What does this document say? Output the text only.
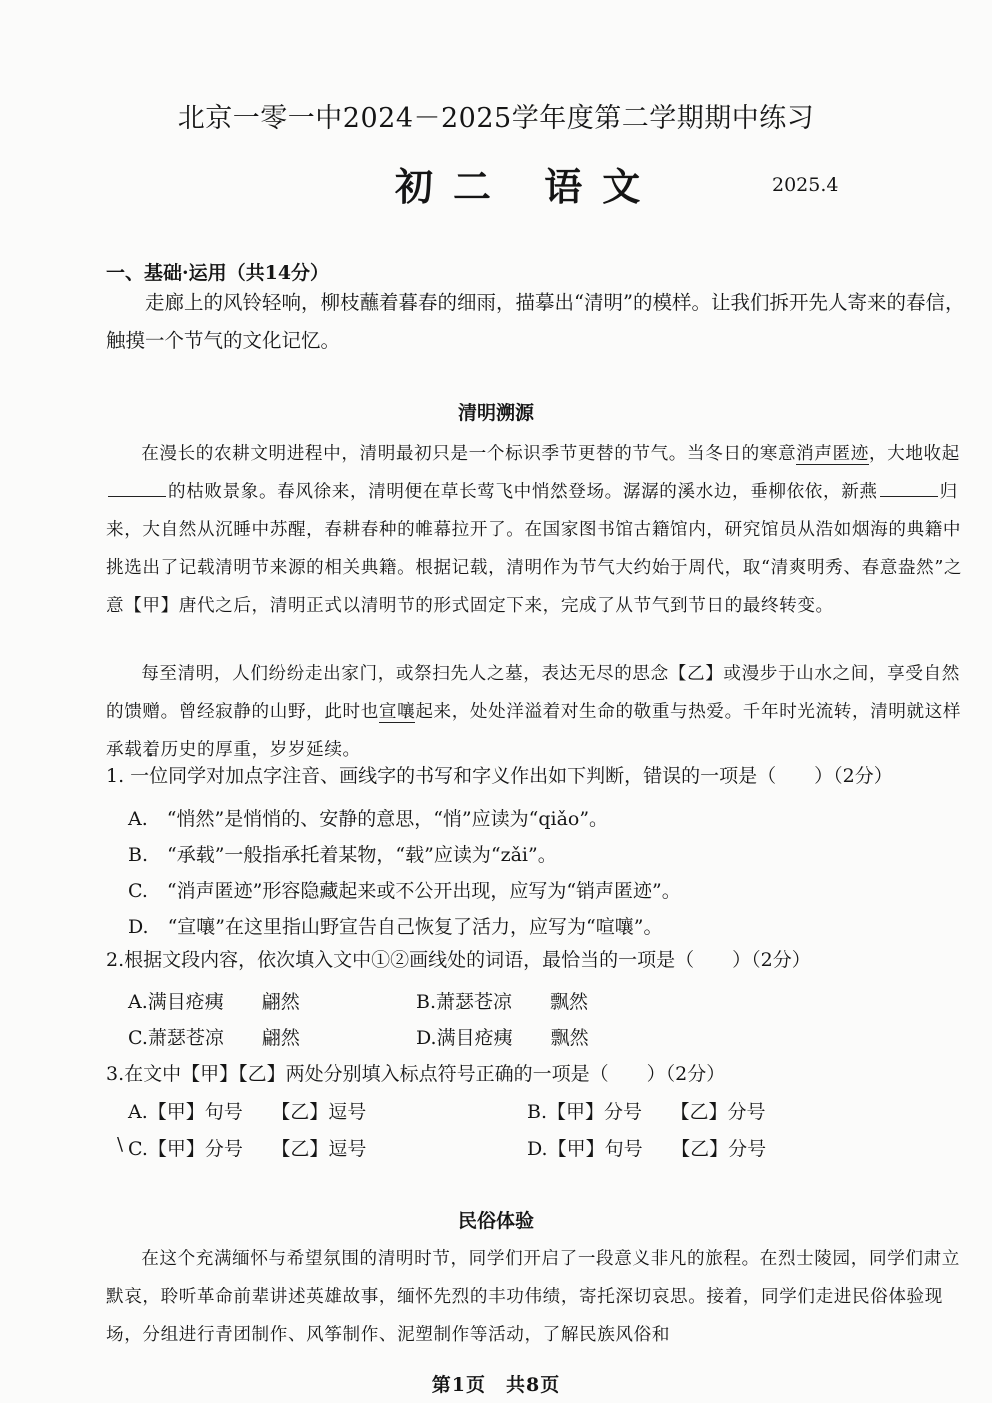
北京一零一中2024－2025学年度第二学期期中练习
初二 语文	2025.4
一、基础·运用（共14分）
走廊上的风铃轻响，柳枝蘸着暮春的细雨，描摹出“清明”的模样。让我们拆开先人寄来的春信，触摸一个节气的文化记忆。
清明溯源
在漫长的农耕文明进程中，清明最初只是一个标识季节更替的节气。当冬日的寒意消声匿迹，大地收起的枯败景象。春风徐来，清明便在草长莺飞中悄然登场。潺潺的溪水边，垂柳依依，新燕	归来，大自然从沉睡中苏醒，春耕春种的帷幕拉开了。在国家图书馆古籍馆内，研究馆员从浩如烟海的典籍中挑选出了记载清明节来源的相关典籍。根据记载，清明作为节气大约始于周代，取“清爽明秀、春意盎然”之意【甲】唐代之后，清明正式以清明节的形式固定下来，完成了从节气到节日的最终转变。
每至清明，人们纷纷走出家门，或祭扫先人之墓，表达无尽的思念【乙】或漫步于山水之间，享受自然的馈赠。曾经寂静的山野，此时也宣嚷起来，处处洋溢着对生命的敬重与热爱。千年时光流转，清明就这样承载着历史的厚重，岁岁延续。
1. 一位同学对加点字注音、画线字的书写和字义作出如下判断，错误的一项是（　　）（2分）
A.　“悄然”是悄悄的、安静的意思，“悄”应读为“qiǎo”。
B.　“承载”一般指承托着某物，“载”应读为“zǎi”。
C.　“消声匿迹”形容隐藏起来或不公开出现，应写为“销声匿迹”。
D.　“宣嚷”在这里指山野宣告自己恢复了活力，应写为“喧嚷”。
2.根据文段内容，依次填入文中①②画线处的词语，最恰当的一项是（　　）（2分）
A.满目疮痍　　翩然	B.萧瑟苍凉　　飘然
C.萧瑟苍凉　　翩然	D.满目疮痍　　飘然
3.在文中【甲】【乙】两处分别填入标点符号正确的一项是（　　）（2分）
A.【甲】句号　　【乙】逗号	B.【甲】分号　　【乙】分号
\ C.【甲】分号　　【乙】逗号	D.【甲】句号　　【乙】分号
民俗体验
在这个充满缅怀与希望氛围的清明时节，同学们开启了一段意义非凡的旅程。在烈士陵园，同学们肃立默哀，聆听革命前辈讲述英雄故事，缅怀先烈的丰功伟绩，寄托深切哀思。接着，同学们走进民俗体验现场，分组进行青团制作、风筝制作、泥塑制作等活动，了解民族风俗和
第1页　共8页
